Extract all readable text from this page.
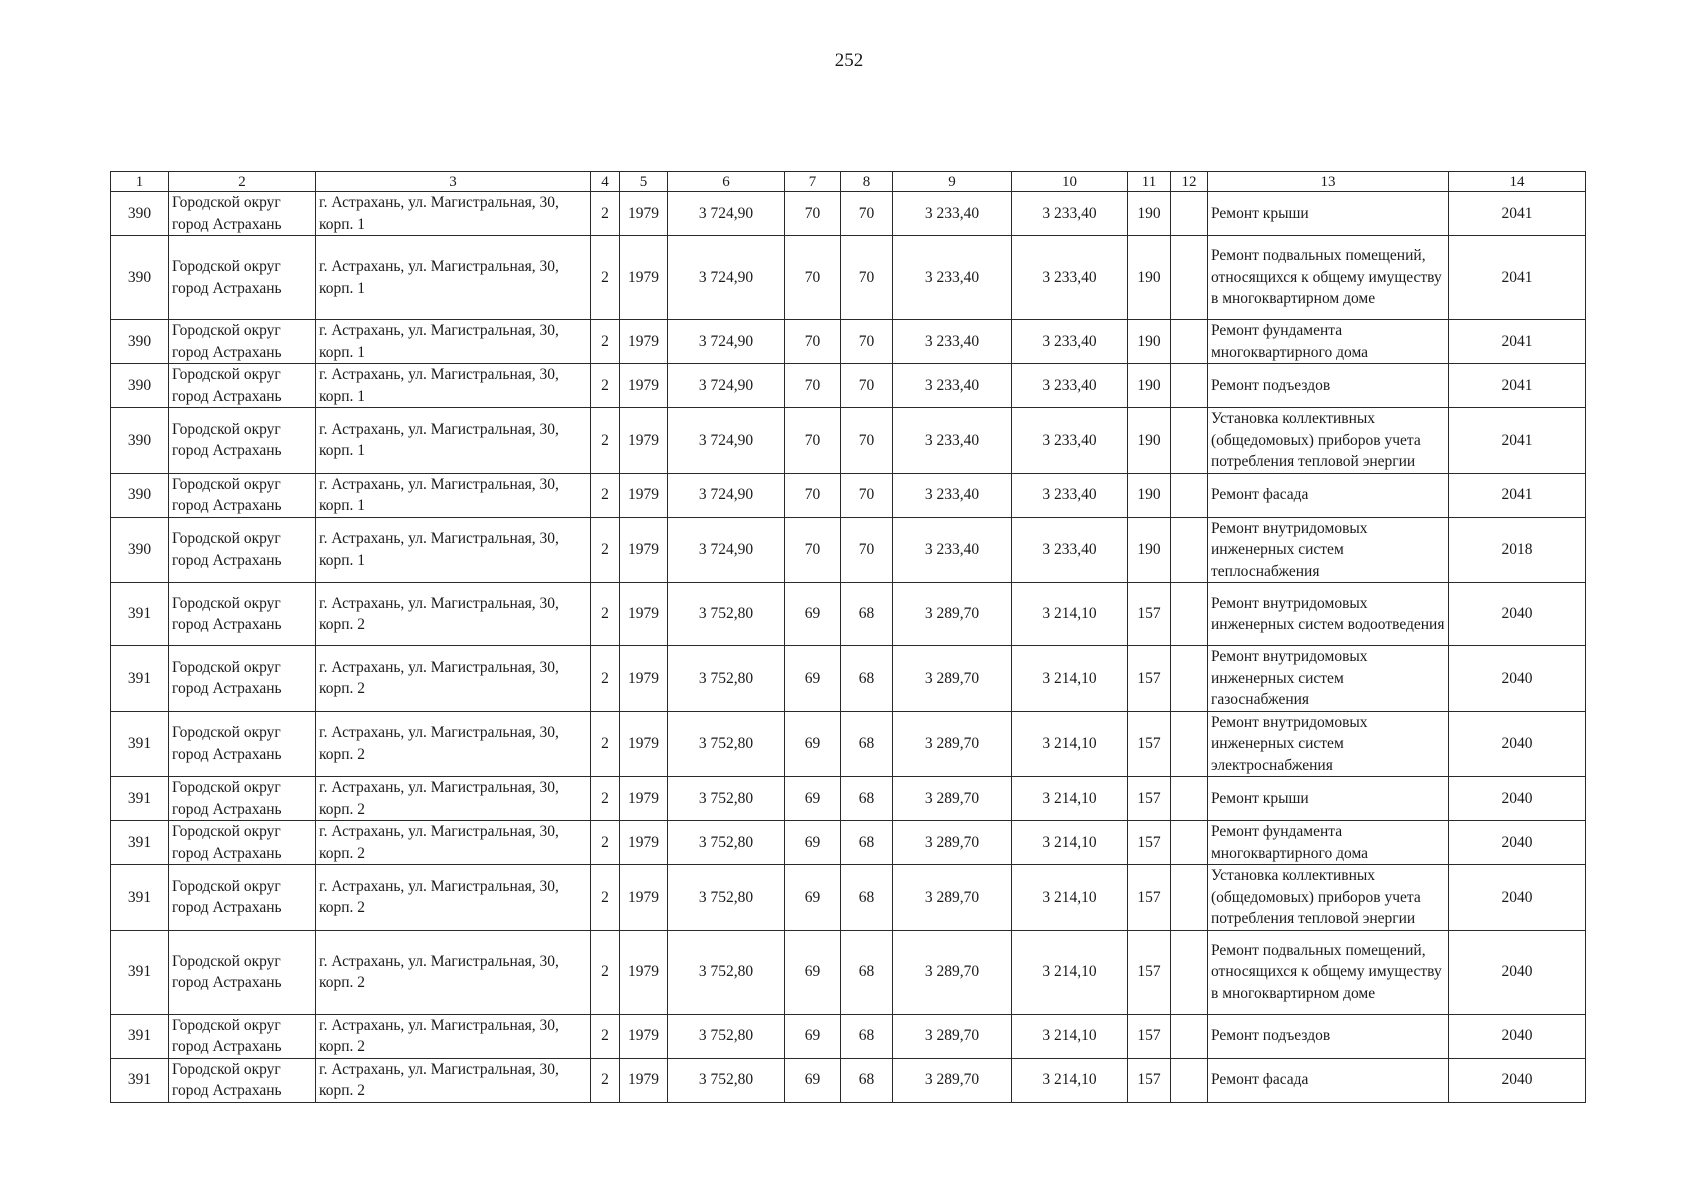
252
1	2	3	4	5	6	7	8	9	10	11	12	13	14
390	Городской округ город Астрахань	г. Астрахань, ул. Магистральная, 30, корп. 1	2	1979	3 724,90	70	70	3 233,40	3 233,40	190		Ремонт крыши	2041
390	Городской округ город Астрахань	г. Астрахань, ул. Магистральная, 30, корп. 1	2	1979	3 724,90	70	70	3 233,40	3 233,40	190		Ремонт подвальных помещений, относящихся к общему имуществу в многоквартирном доме	2041
390	Городской округ город Астрахань	г. Астрахань, ул. Магистральная, 30, корп. 1	2	1979	3 724,90	70	70	3 233,40	3 233,40	190		Ремонт фундамента многоквартирного дома	2041
390	Городской округ город Астрахань	г. Астрахань, ул. Магистральная, 30, корп. 1	2	1979	3 724,90	70	70	3 233,40	3 233,40	190		Ремонт подъездов	2041
390	Городской округ город Астрахань	г. Астрахань, ул. Магистральная, 30, корп. 1	2	1979	3 724,90	70	70	3 233,40	3 233,40	190		Установка коллективных (общедомовых) приборов учета потребления тепловой энергии	2041
390	Городской округ город Астрахань	г. Астрахань, ул. Магистральная, 30, корп. 1	2	1979	3 724,90	70	70	3 233,40	3 233,40	190		Ремонт фасада	2041
390	Городской округ город Астрахань	г. Астрахань, ул. Магистральная, 30, корп. 1	2	1979	3 724,90	70	70	3 233,40	3 233,40	190		Ремонт внутридомовых инженерных систем теплоснабжения	2018
391	Городской округ город Астрахань	г. Астрахань, ул. Магистральная, 30, корп. 2	2	1979	3 752,80	69	68	3 289,70	3 214,10	157		Ремонт внутридомовых инженерных систем водоотведения	2040
391	Городской округ город Астрахань	г. Астрахань, ул. Магистральная, 30, корп. 2	2	1979	3 752,80	69	68	3 289,70	3 214,10	157		Ремонт внутридомовых инженерных систем газоснабжения	2040
391	Городской округ город Астрахань	г. Астрахань, ул. Магистральная, 30, корп. 2	2	1979	3 752,80	69	68	3 289,70	3 214,10	157		Ремонт внутридомовых инженерных систем электроснабжения	2040
391	Городской округ город Астрахань	г. Астрахань, ул. Магистральная, 30, корп. 2	2	1979	3 752,80	69	68	3 289,70	3 214,10	157		Ремонт крыши	2040
391	Городской округ город Астрахань	г. Астрахань, ул. Магистральная, 30, корп. 2	2	1979	3 752,80	69	68	3 289,70	3 214,10	157		Ремонт фундамента многоквартирного дома	2040
391	Городской округ город Астрахань	г. Астрахань, ул. Магистральная, 30, корп. 2	2	1979	3 752,80	69	68	3 289,70	3 214,10	157		Установка коллективных (общедомовых) приборов учета потребления тепловой энергии	2040
391	Городской округ город Астрахань	г. Астрахань, ул. Магистральная, 30, корп. 2	2	1979	3 752,80	69	68	3 289,70	3 214,10	157		Ремонт подвальных помещений, относящихся к общему имуществу в многоквартирном доме	2040
391	Городской округ город Астрахань	г. Астрахань, ул. Магистральная, 30, корп. 2	2	1979	3 752,80	69	68	3 289,70	3 214,10	157		Ремонт подъездов	2040
391	Городской округ город Астрахань	г. Астрахань, ул. Магистральная, 30, корп. 2	2	1979	3 752,80	69	68	3 289,70	3 214,10	157		Ремонт фасада	2040
